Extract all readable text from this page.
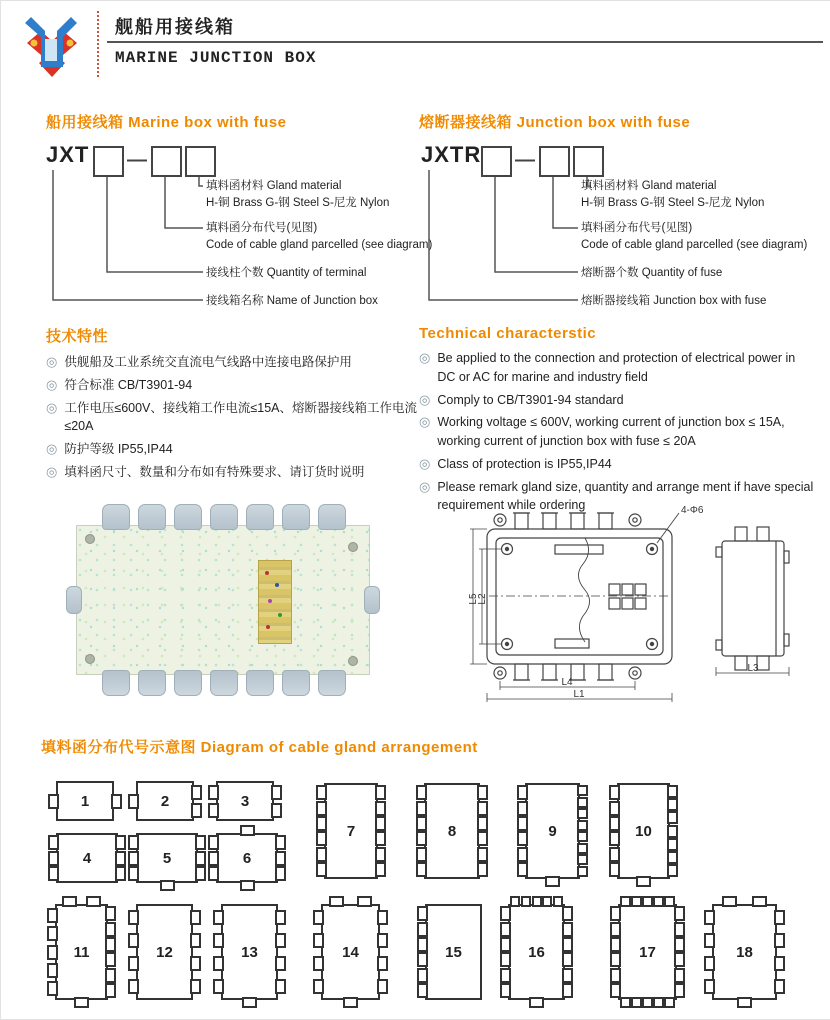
舰船用接线箱
MARINE JUNCTION BOX
船用接线箱 Marine box with fuse	熔断器接线箱 Junction box with fuse
JXT —
填料函材料 Gland material
H-铜 Brass G-钢 Steel S-尼龙 Nylon
填料函分布代号(见图)
Code of cable gland parcelled (see diagram)
接线柱个数 Quantity of terminal
接线箱名称 Name of Junction box
JXTR —
填料函材料 Gland material
H-铜 Brass G-钢 Steel S-尼龙 Nylon
填料函分布代号(见图)
Code of cable gland parcelled (see diagram)
熔断器个数 Quantity of fuse
熔断器接线箱 Junction box with fuse
技术特性
◎ 供舰船及工业系统交直流电气线路中连接电路保护用
◎ 符合标准 CB/T3901-94
◎ 工作电压≤600V、接线箱工作电流≤15A、熔断器接线箱工作电流≤20A
◎ 防护等级 IP55,IP44
◎ 填料函尺寸、数量和分布如有特殊要求、请订货时说明
Technical characterstic
◎ Be applied to the connection and protection of electrical power in DC or AC for marine and industry field
◎ Comply to CB/T3901-94 standard
◎ Working voltage ≤ 600V, working current of junction box ≤ 15A, working current of junction box with fuse ≤ 20A
◎ Class of protection is IP55,IP44
◎ Please remark gland size, quantity and arrange ment if have special requirement while ordering	4-Φ6
L5
L2
L4
L1
L3
填料函分布代号示意图 Diagram of cable gland arrangement
1	2	3
4	5	6
7	8	9	10
11	12	13	14	15	16	17	18
